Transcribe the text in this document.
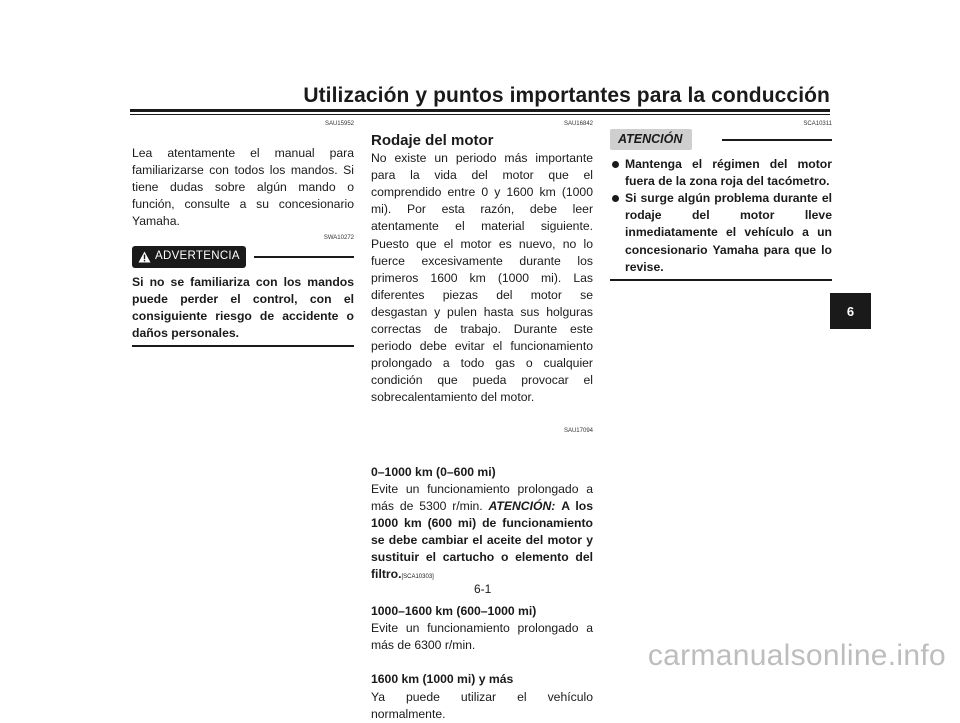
Utilización y puntos importantes para la conducción

SAU15952

Lea atentamente el manual para familiarizarse con todos los mandos. Si tiene dudas sobre algún mando o función, consulte a su concesionario Yamaha.

SWA10272

ADVERTENCIA

Si no se familiariza con los mandos puede perder el control, con el consiguiente riesgo de accidente o daños personales.

SAU16842

Rodaje del motor

No existe un periodo más importante para la vida del motor que el comprendido entre 0 y 1600 km (1000 mi). Por esta razón, debe leer atentamente el material siguiente. Puesto que el motor es nuevo, no lo fuerce excesivamente durante los primeros 1600 km (1000 mi). Las diferentes piezas del motor se desgastan y pulen hasta sus holguras correctas de trabajo. Durante este periodo debe evitar el funcionamiento prolongado a todo gas o cualquier condición que pueda provocar el sobrecalentamiento del motor.

SAU17094

0–1000 km (0–600 mi)

Evite un funcionamiento prolongado a más de 5300 r/min. ATENCIÓN: A los 1000 km (600 mi) de funcionamiento se debe cambiar el aceite del motor y sustituir el cartucho o elemento del filtro.[SCA10303]

1000–1600 km (600–1000 mi)

Evite un funcionamiento prolongado a más de 6300 r/min.

1600 km (1000 mi) y más

Ya puede utilizar el vehículo normalmente.

SCA10311

ATENCIÓN
Mantenga el régimen del motor fuera de la zona roja del tacómetro.
Si surge algún problema durante el rodaje del motor lleve inmediatamente el vehículo a un concesionario Yamaha para que lo revise.
6
6-1
carmanualsonline.info
